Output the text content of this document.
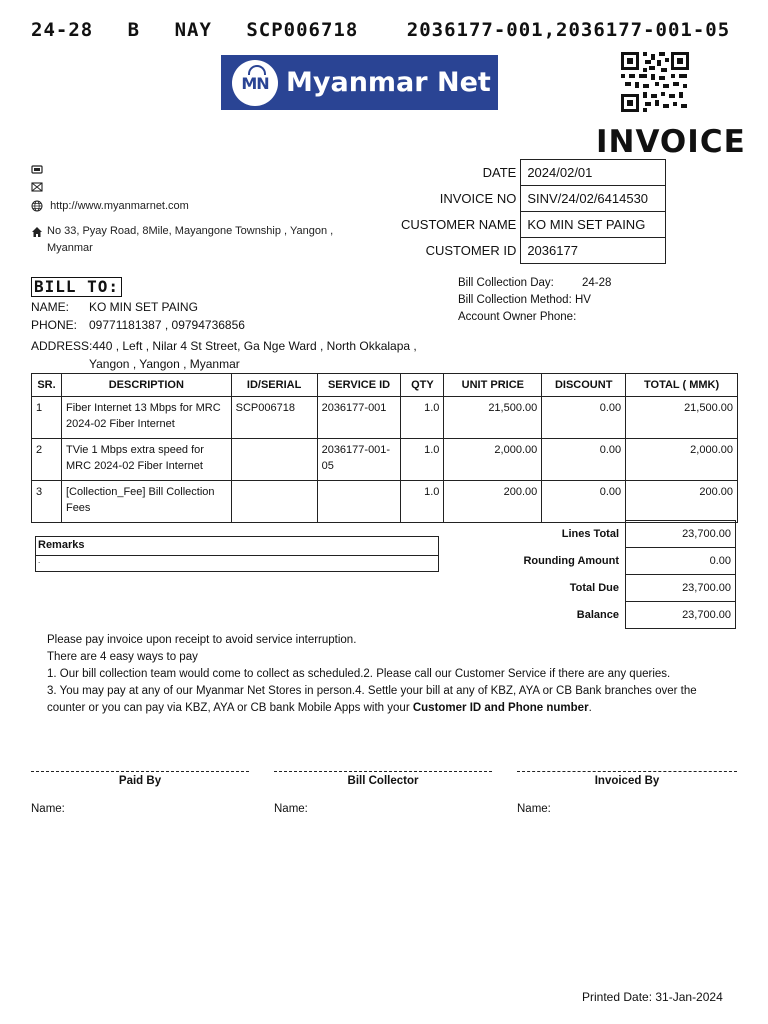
24-28 B NAY SCP006718	2036177-001,2036177-001-05
MN Myanmar Net
INVOICE
http://www.myanmarnet.com
No 33, Pyay Road, 8Mile, Mayangone Township , Yangon ,
Myanmar
DATE	2024/02/01
INVOICE NO	SINV/24/02/6414530
CUSTOMER NAME	KO MIN SET PAING
CUSTOMER ID	2036177
BILL TO:
NAME: KO MIN SET PAING
PHONE: 09771181387 , 09794736856
ADDRESS:440 , Left , Nilar 4 St Street, Ga Nge Ward , North Okkalapa ,
Yangon , Yangon , Myanmar
Bill Collection Day: 24-28
Bill Collection Method: HV
Account Owner Phone:
SR.	DESCRIPTION	ID/SERIAL	SERVICE ID	QTY	UNIT PRICE	DISCOUNT	TOTAL ( MMK)
1	Fiber Internet 13 Mbps for MRC 2024-02 Fiber Internet	SCP006718	2036177-001	1.0	21,500.00	0.00	21,500.00
2	TVie 1 Mbps extra speed for MRC 2024-02 Fiber Internet		2036177-001-05	1.0	2,000.00	0.00	2,000.00
3	[Collection_Fee] Bill Collection Fees			1.0	200.00	0.00	200.00
Remarks
.
Lines Total	23,700.00
Rounding Amount	0.00
Total Due	23,700.00
Balance	23,700.00
Please pay invoice upon receipt to avoid service interruption.
There are 4 easy ways to pay
1. Our bill collection team would come to collect as scheduled.2. Please call our Customer Service if there are any queries.
3. You may pay at any of our Myanmar Net Stores in person.4. Settle your bill at any of KBZ, AYA or CB Bank branches over the counter or you can pay via KBZ, AYA or CB bank Mobile Apps with your Customer ID and Phone number.
Paid By	Bill Collector	Invoiced By
Name:	Name:	Name:
Printed Date: 31-Jan-2024
